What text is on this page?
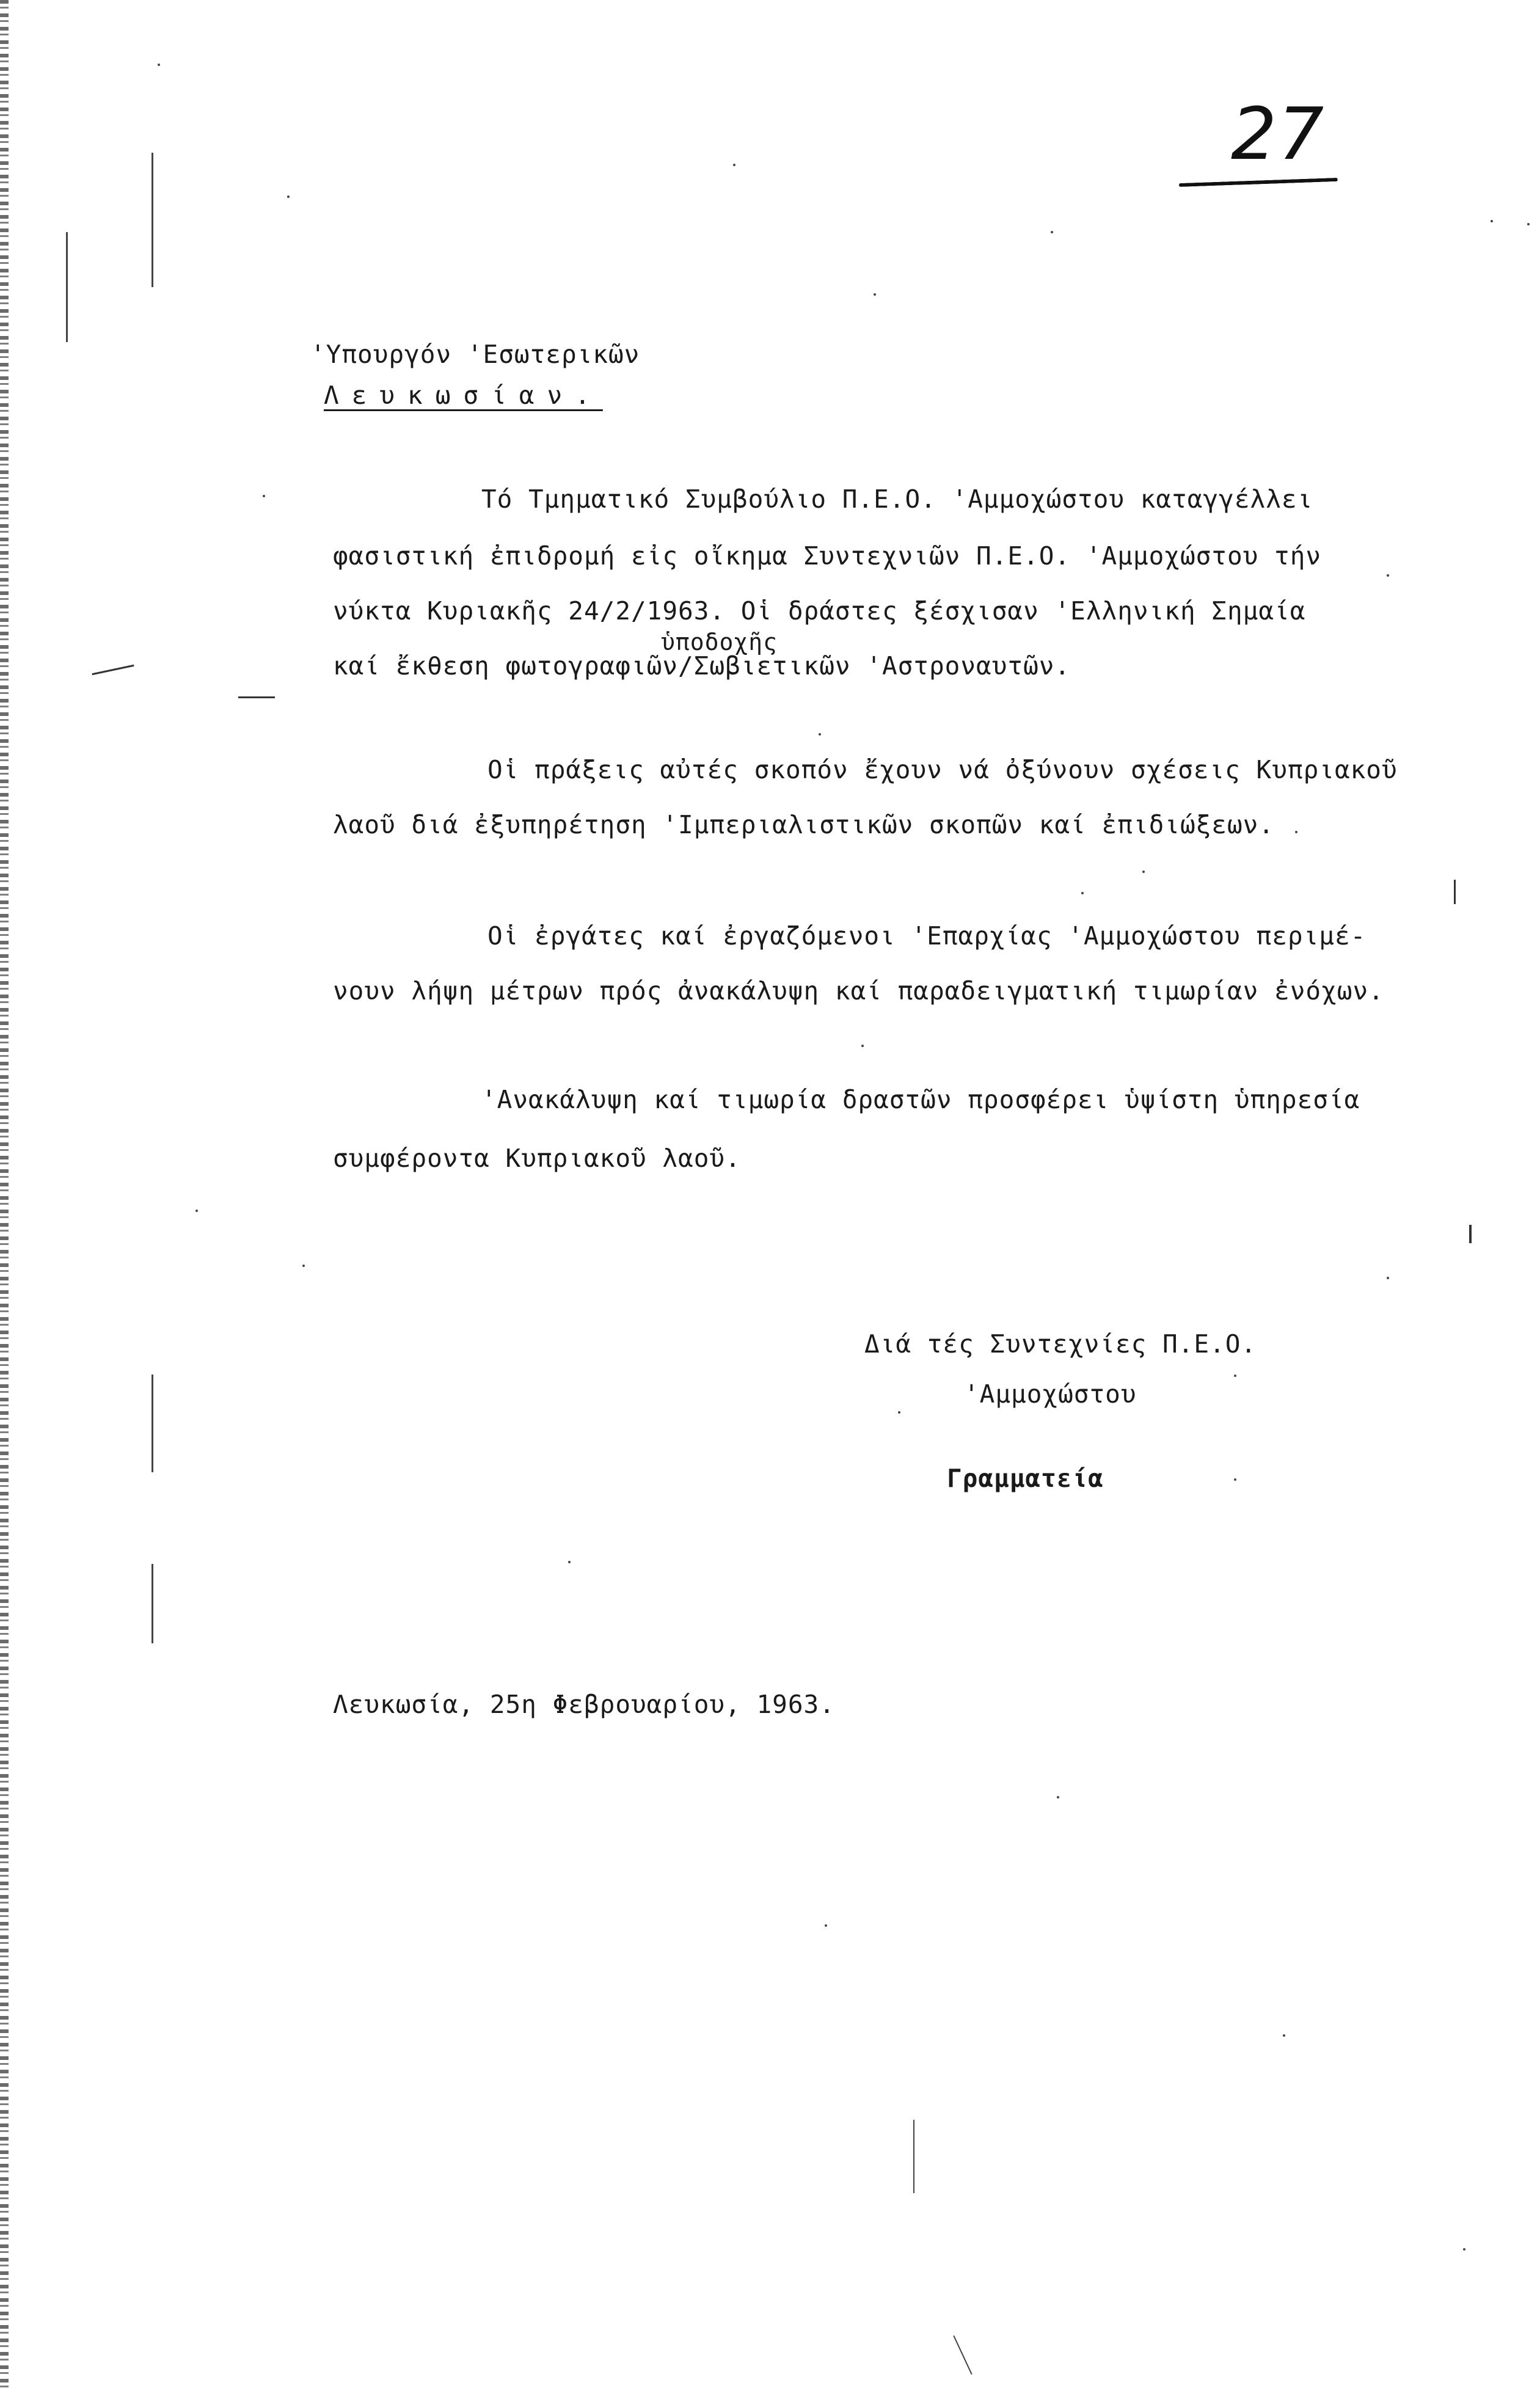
27
'Υπουργόν 'Εσωτερικῶν
Λευκωσίαν.
Τό Τμηματικό Συμβούλιο Π.Ε.Ο. 'Αμμοχώστου καταγγέλλει
φασιστική ἐπιδρομή εἰς οἴκημα Συντεχνιῶν Π.Ε.Ο. 'Αμμοχώστου τήν
νύκτα Κυριακῆς 24/2/1963. Οἱ δράστες ξέσχισαν 'Ελληνική Σημαία
ὑποδοχῆς
καί ἔκθεση φωτογραφιῶν/Σωβιετικῶν 'Αστροναυτῶν.
Οἱ πράξεις αὐτές σκοπόν ἔχουν νά ὀξύνουν σχέσεις Κυπριακοῦ
λαοῦ διά ἐξυπηρέτηση 'Ιμπεριαλιστικῶν σκοπῶν καί ἐπιδιώξεων.
Οἱ ἐργάτες καί ἐργαζόμενοι 'Επαρχίας 'Αμμοχώστου περιμέ-
νουν λήψη μέτρων πρός ἀνακάλυψη καί παραδειγματική τιμωρίαν ἐνόχων.
'Ανακάλυψη καί τιμωρία δραστῶν προσφέρει ὑψίστη ὑπηρεσία
συμφέροντα Κυπριακοῦ λαοῦ.
Διά τές Συντεχνίες Π.Ε.Ο.
'Αμμοχώστου
Γραμματεία
Λευκωσία, 25η Φεβρουαρίου, 1963.
